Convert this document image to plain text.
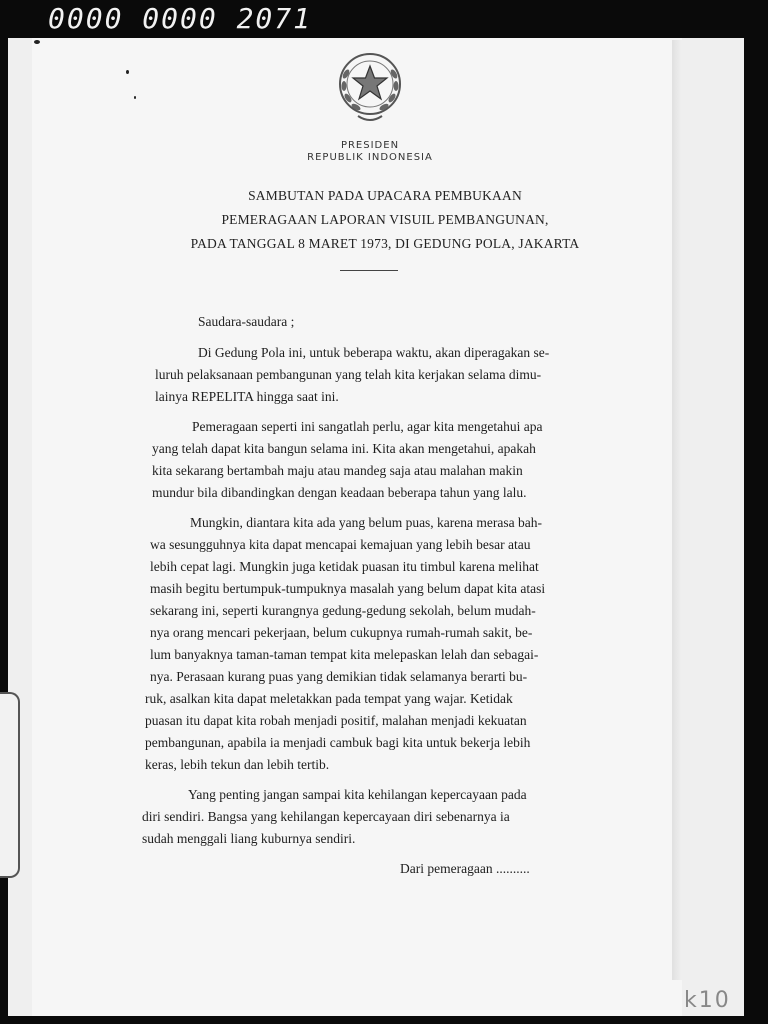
0000 0000 2071
PRESIDEN
REPUBLIK INDONESIA
SAMBUTAN PADA UPACARA PEMBUKAAN
PEMERAGAAN LAPORAN VISUIL PEMBANGUNAN,
PADA TANGGAL 8 MARET 1973, DI GEDUNG POLA, JAKARTA
Saudara-saudara ;
Di Gedung Pola ini, untuk beberapa waktu, akan diperagakan se-
luruh pelaksanaan pembangunan yang telah kita kerjakan selama dimu-
lainya REPELITA hingga saat ini.
Pemeragaan seperti ini sangatlah perlu, agar kita mengetahui apa
yang telah dapat kita bangun selama ini. Kita akan mengetahui, apakah
kita sekarang bertambah maju atau mandeg saja atau malahan makin
mundur bila dibandingkan dengan keadaan beberapa tahun yang lalu.
Mungkin, diantara kita ada yang belum puas, karena merasa bah-
wa sesungguhnya kita dapat mencapai kemajuan yang lebih besar atau
lebih cepat lagi. Mungkin juga ketidak puasan itu timbul karena melihat
masih begitu bertumpuk-tumpuknya masalah yang belum dapat kita atasi
sekarang ini, seperti kurangnya gedung-gedung sekolah, belum mudah-
nya orang mencari pekerjaan, belum cukupnya rumah-rumah sakit, be-
lum banyaknya taman-taman tempat kita melepaskan lelah dan sebagai-
nya. Perasaan kurang puas yang demikian tidak selamanya berarti bu-
ruk, asalkan kita dapat meletakkan pada tempat yang wajar. Ketidak
puasan itu dapat kita robah menjadi positif, malahan menjadi kekuatan
pembangunan, apabila ia menjadi cambuk bagi kita untuk bekerja lebih
keras, lebih tekun dan lebih tertib.
Yang penting jangan sampai kita kehilangan kepercayaan pada
diri sendiri. Bangsa yang kehilangan kepercayaan diri sebenarnya ia
sudah menggali liang kuburnya sendiri.
Dari pemeragaan ..........
k10
